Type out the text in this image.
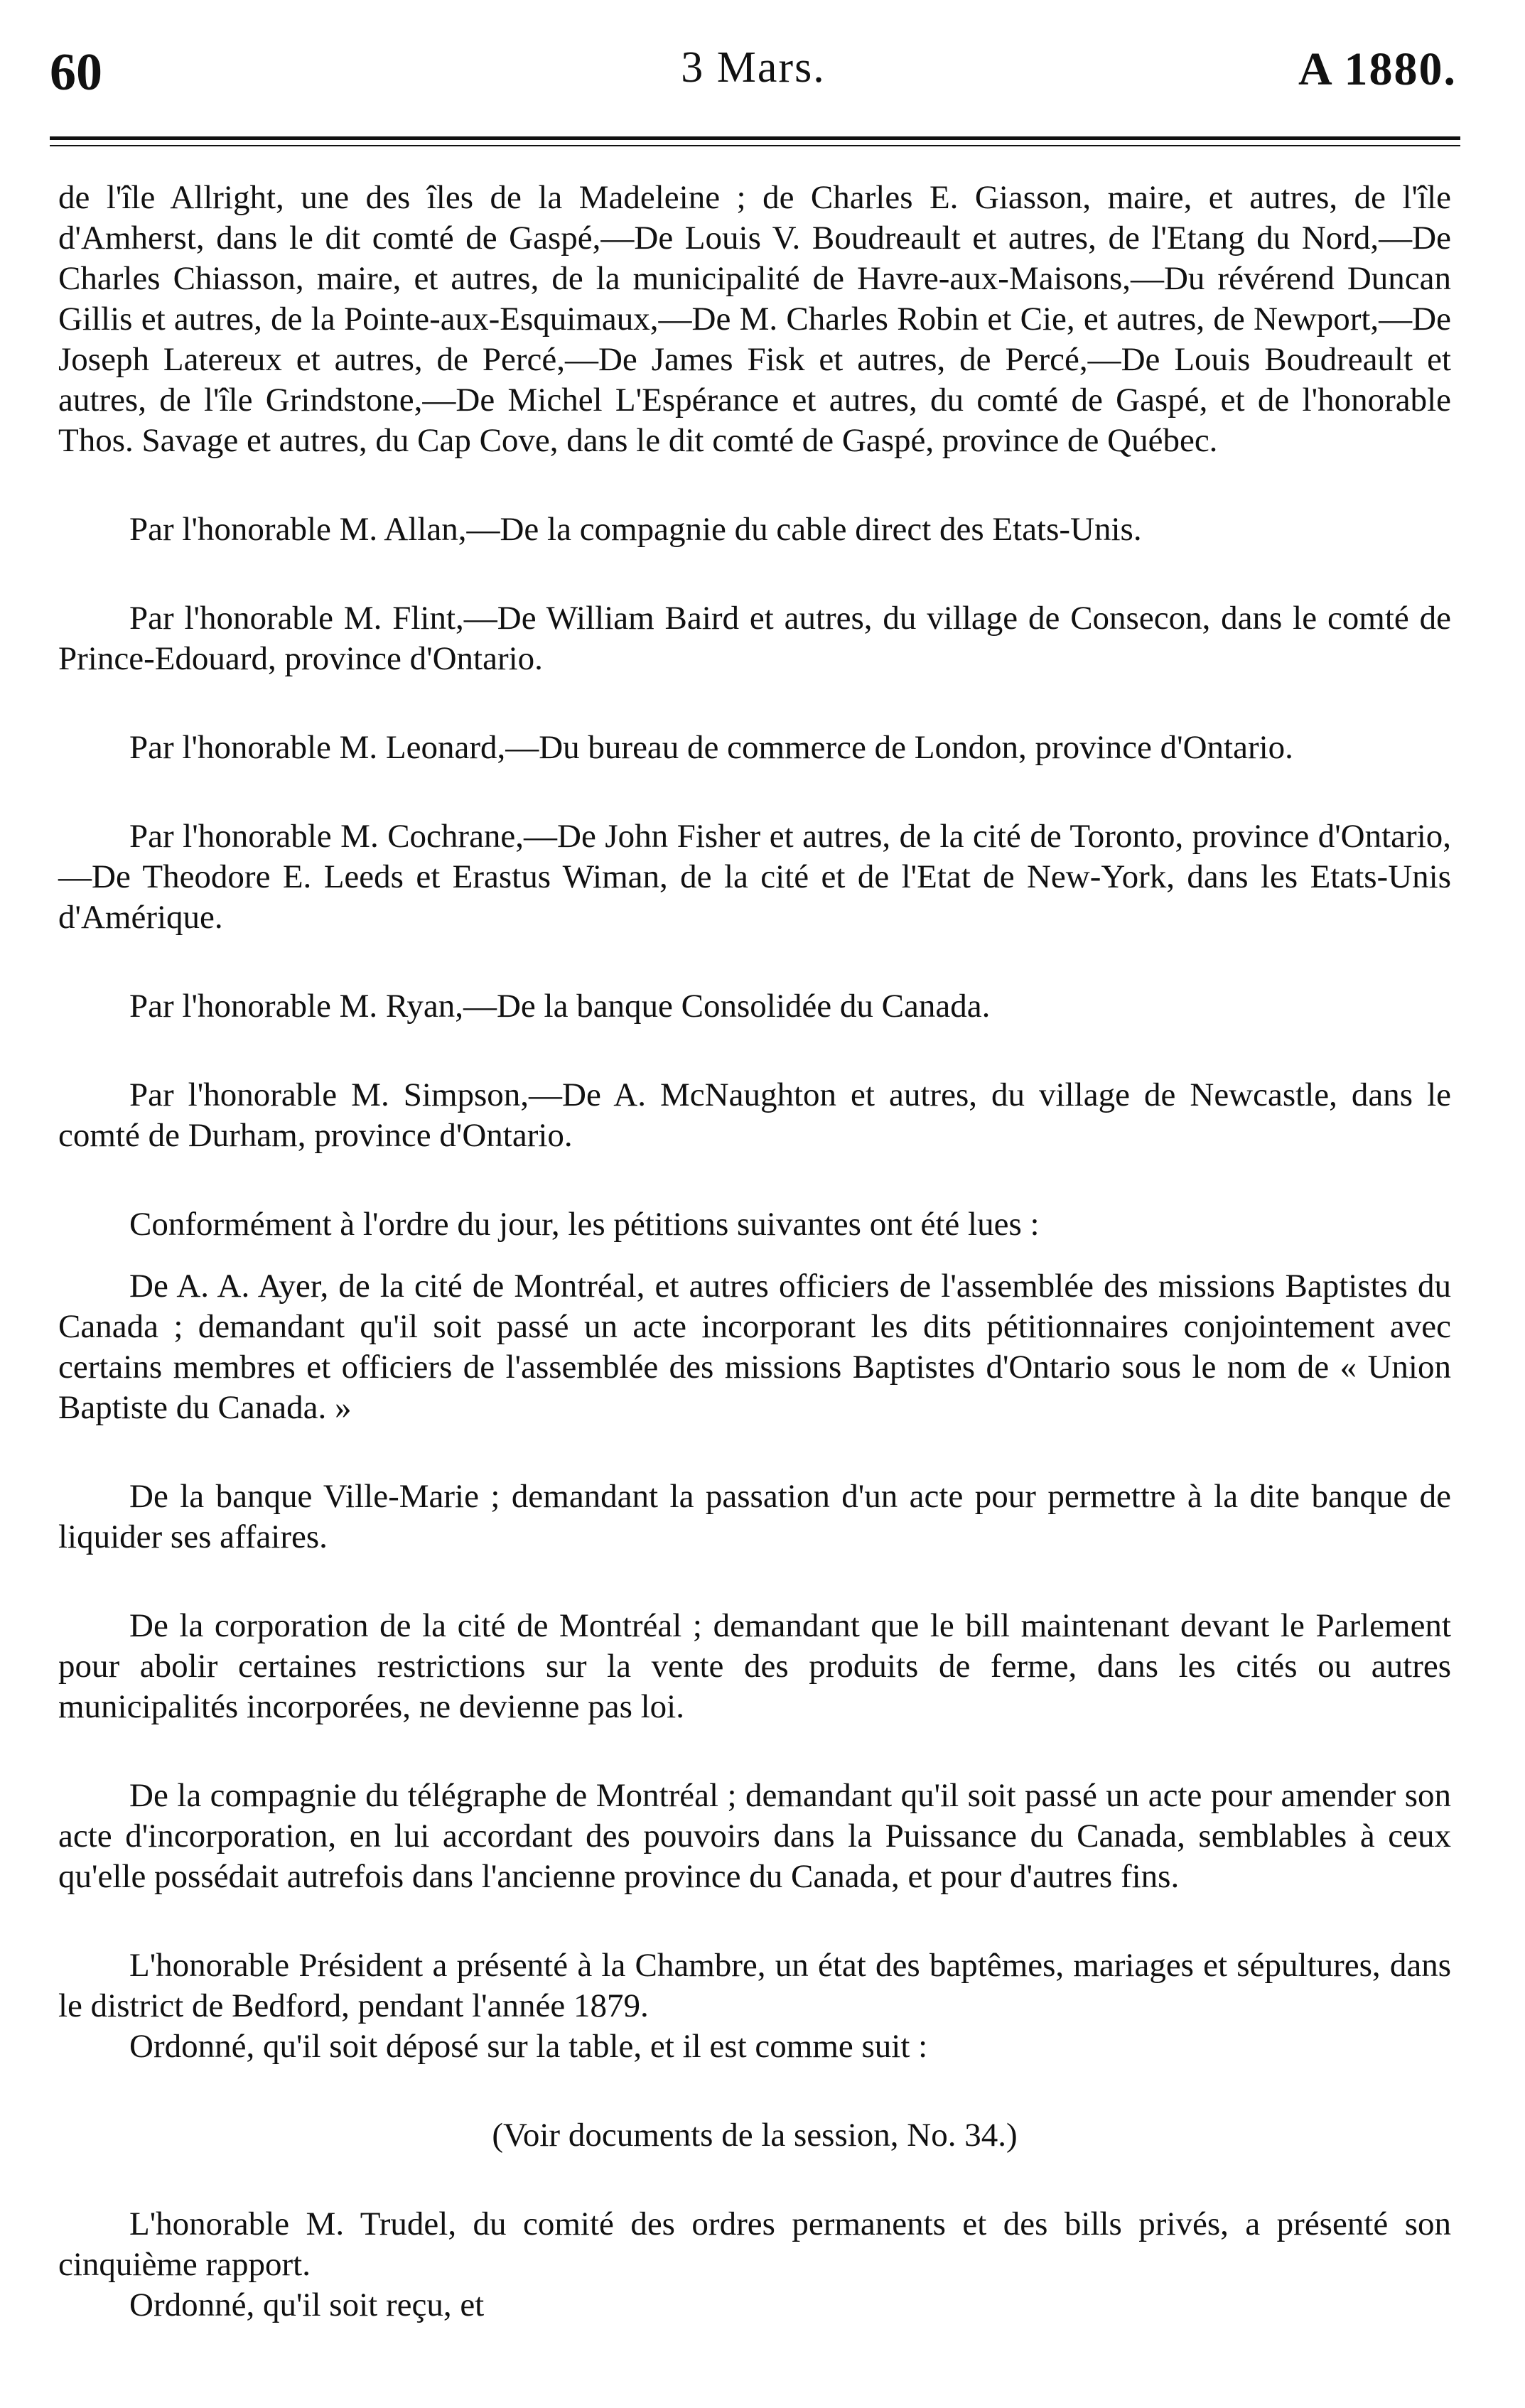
60	3 Mars.	A 1880.

de l'île Allright, une des îles de la Madeleine ; de Charles E. Giasson, maire, et autres, de l'île d'Amherst, dans le dit comté de Gaspé,—De Louis V. Boudreault et autres, de l'Etang du Nord,—De Charles Chiasson, maire, et autres, de la municipalité de Havre-aux-Maisons,—Du révérend Duncan Gillis et autres, de la Pointe-aux-Esquimaux,—De M. Charles Robin et Cie, et autres, de Newport,—De Joseph Latereux et autres, de Percé,—De James Fisk et autres, de Percé,—De Louis Boudreault et autres, de l'île Grindstone,—De Michel L'Espérance et autres, du comté de Gaspé, et de l'honorable Thos. Savage et autres, du Cap Cove, dans le dit comté de Gaspé, province de Québec.

Par l'honorable M. Allan,—De la compagnie du cable direct des Etats-Unis.

Par l'honorable M. Flint,—De William Baird et autres, du village de Consecon, dans le comté de Prince-Edouard, province d'Ontario.

Par l'honorable M. Leonard,—Du bureau de commerce de London, province d'Ontario.

Par l'honorable M. Cochrane,—De John Fisher et autres, de la cité de Toronto, province d'Ontario,—De Theodore E. Leeds et Erastus Wiman, de la cité et de l'Etat de New-York, dans les Etats-Unis d'Amérique.

Par l'honorable M. Ryan,—De la banque Consolidée du Canada.

Par l'honorable M. Simpson,—De A. McNaughton et autres, du village de Newcastle, dans le comté de Durham, province d'Ontario.

Conformément à l'ordre du jour, les pétitions suivantes ont été lues :

De A. A. Ayer, de la cité de Montréal, et autres officiers de l'assemblée des missions Baptistes du Canada ; demandant qu'il soit passé un acte incorporant les dits pétitionnaires conjointement avec certains membres et officiers de l'assemblée des missions Baptistes d'Ontario sous le nom de « Union Baptiste du Canada. »

De la banque Ville-Marie ; demandant la passation d'un acte pour permettre à la dite banque de liquider ses affaires.

De la corporation de la cité de Montréal ; demandant que le bill maintenant devant le Parlement pour abolir certaines restrictions sur la vente des produits de ferme, dans les cités ou autres municipalités incorporées, ne devienne pas loi.

De la compagnie du télégraphe de Montréal ; demandant qu'il soit passé un acte pour amender son acte d'incorporation, en lui accordant des pouvoirs dans la Puissance du Canada, semblables à ceux qu'elle possédait autrefois dans l'ancienne province du Canada, et pour d'autres fins.

L'honorable Président a présenté à la Chambre, un état des baptêmes, mariages et sépultures, dans le district de Bedford, pendant l'année 1879.

Ordonné, qu'il soit déposé sur la table, et il est comme suit :

(Voir documents de la session, No. 34.)

L'honorable M. Trudel, du comité des ordres permanents et des bills privés, a présenté son cinquième rapport.

Ordonné, qu'il soit reçu, et
